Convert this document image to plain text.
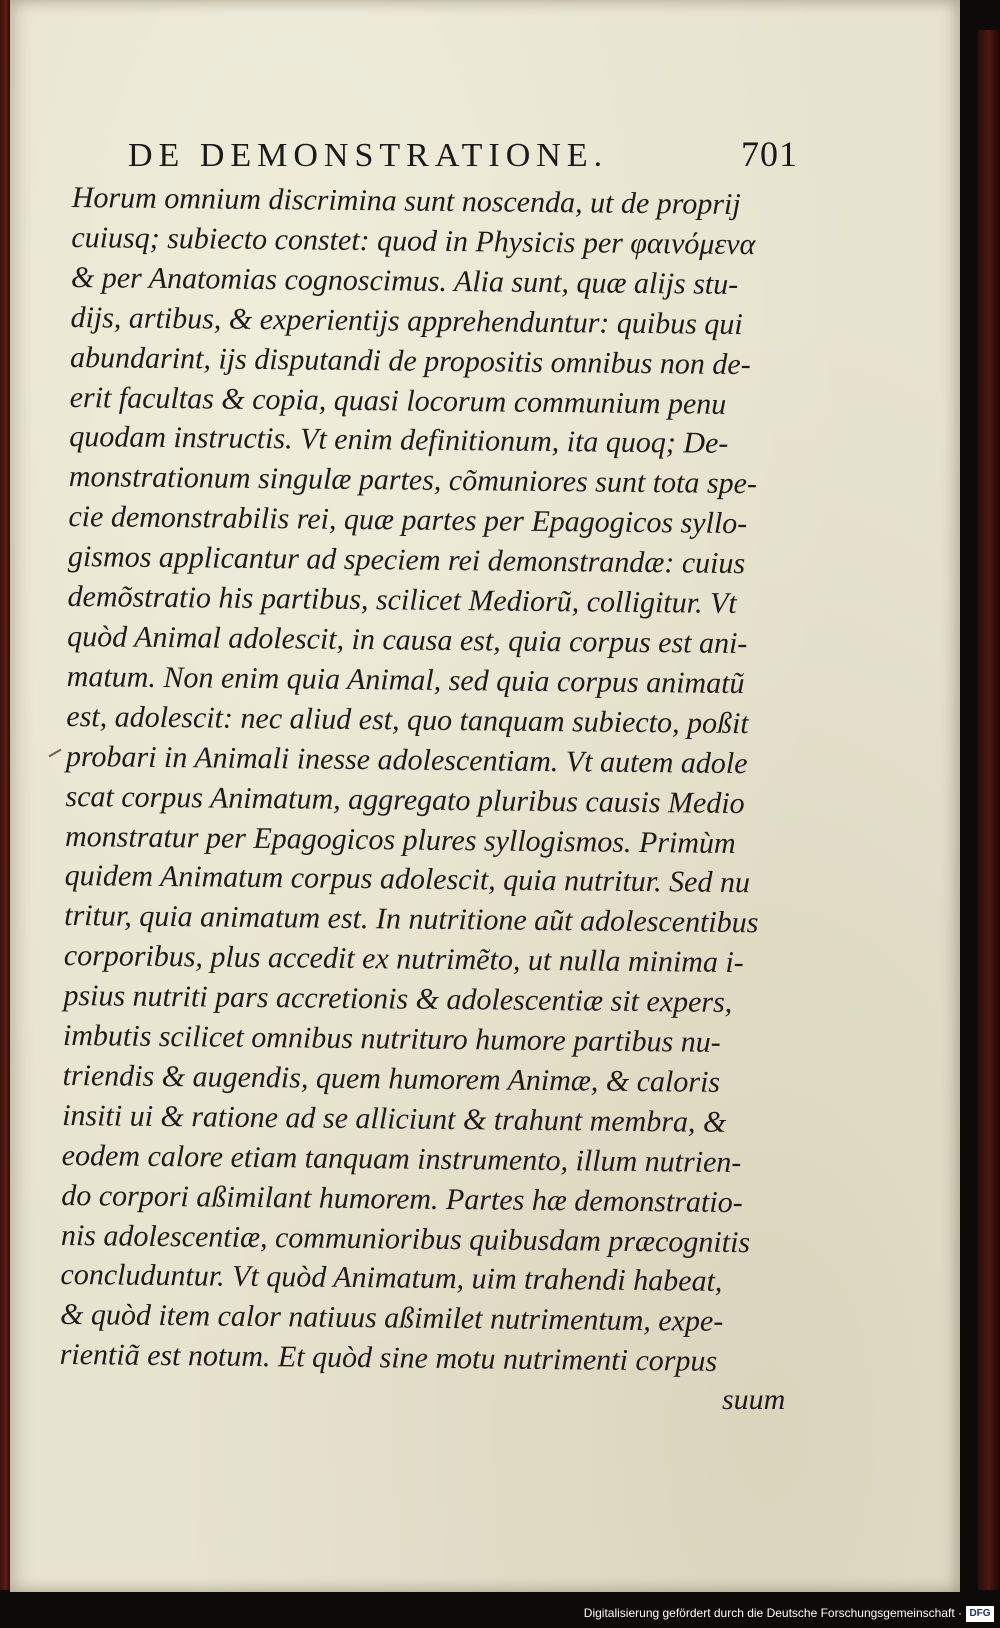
DE DEMONSTRATIONE.	701
Horum omnium discrimina sunt noscenda, ut de proprij
cuiusq; subiecto constet: quod in Physicis per φαινόμενα
& per Anatomias cognoscimus. Alia sunt, quæ alijs stu-
dijs, artibus, & experientijs apprehenduntur: quibus qui
abundarint, ijs disputandi de propositis omnibus non de-
erit facultas & copia, quasi locorum communium penu
quodam instructis. Vt enim definitionum, ita quoq; De-
monstrationum singulæ partes, cõmuniores sunt tota spe-
cie demonstrabilis rei, quæ partes per Epagogicos syllo-
gismos applicantur ad speciem rei demonstrandæ: cuius
demõstratio his partibus, scilicet Mediorũ, colligitur. Vt
quòd Animal adolescit, in causa est, quia corpus est ani-
matum. Non enim quia Animal, sed quia corpus animatũ
est, adolescit: nec aliud est, quo tanquam subiecto, poßit
probari in Animali inesse adolescentiam. Vt autem adole
scat corpus Animatum, aggregato pluribus causis Medio
monstratur per Epagogicos plures syllogismos. Primùm
quidem Animatum corpus adolescit, quia nutritur. Sed nu
tritur, quia animatum est. In nutritione aũt adolescentibus
corporibus, plus accedit ex nutrimẽto, ut nulla minima i-
psius nutriti pars accretionis & adolescentiæ sit expers,
imbutis scilicet omnibus nutrituro humore partibus nu-
triendis & augendis, quem humorem Animæ, & caloris
insiti ui & ratione ad se alliciunt & trahunt membra, &
eodem calore etiam tanquam instrumento, illum nutrien-
do corpori aßimilant humorem. Partes hæ demonstratio-
nis adolescentiæ, communioribus quibusdam præcognitis
concluduntur. Vt quòd Animatum, uim trahendi habeat,
& quòd item calor natiuus aßimilet nutrimentum, expe-
rientiã est notum. Et quòd sine motu nutrimenti corpus
suum
Digitalisierung gefördert durch die Deutsche Forschungsgemeinschaft · DFG
